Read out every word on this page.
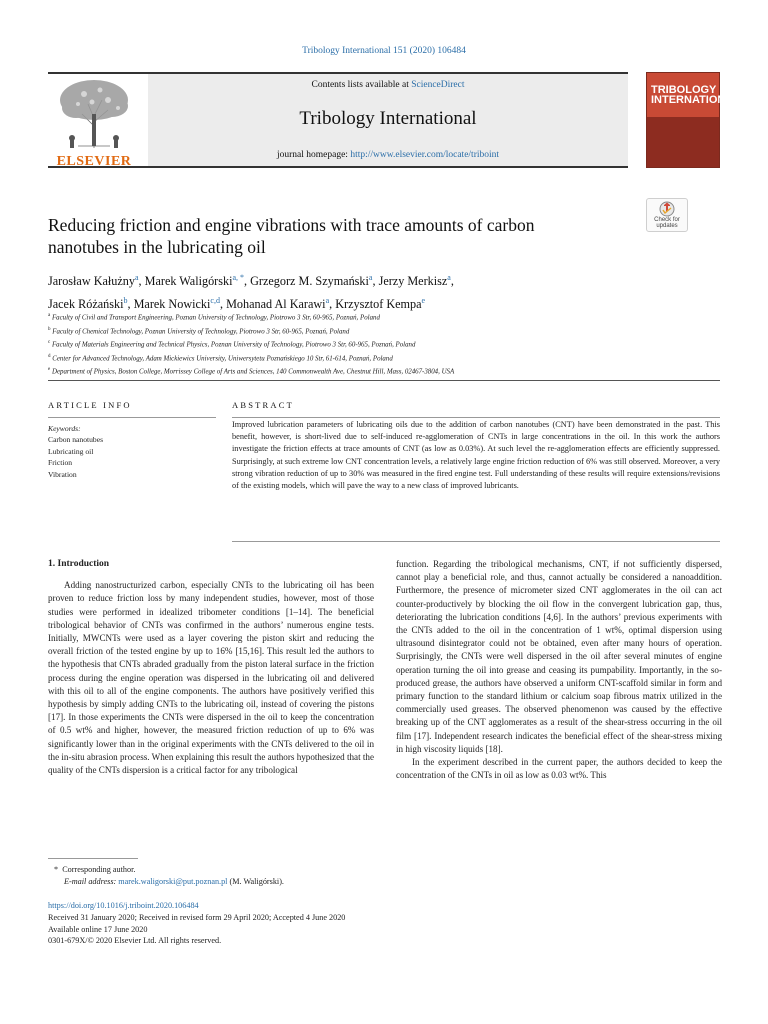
Tribology International 151 (2020) 106484
ELSEVIER
Contents lists available at ScienceDirect
Tribology International
journal homepage: http://www.elsevier.com/locate/triboint
TRIBOLOGY INTERNATIONAL
Reducing friction and engine vibrations with trace amounts of carbon
nanotubes in the lubricating oil
Check for
updates
Jarosław Kałużny$^a$, Marek Waligórski$^{a, *}$, Grzegorz M. Szymański$^a$, Jerzy Merkisz$^a$,
Jacek Różański$^b$, Marek Nowicki$^{c,d}$, Mohanad Al Karawi$^a$, Krzysztof Kempa$^e$
$^a$ Faculty of Civil and Transport Engineering, Poznan University of Technology, Piotrowo 3 Str, 60-965, Poznań, Poland
$^b$ Faculty of Chemical Technology, Poznan University of Technology, Piotrowo 3 Str, 60-965, Poznań, Poland
$^c$ Faculty of Materials Engineering and Technical Physics, Poznan University of Technology, Piotrowo 3 Str, 60-965, Poznań, Poland
$^d$ Center for Advanced Technology, Adam Mickiewics University, Uniwersytetu Poznańskiego 10 Str, 61-614, Poznań, Poland
$^e$ Department of Physics, Boston College, Morrissey College of Arts and Sciences, 140 Commonwealth Ave, Chestnut Hill, Mass, 02467-3804, USA
ARTICLE INFO	ABSTRACT
Keywords:
Carbon nanotubes
Lubricating oil
Friction
Vibration
Improved lubrication parameters of lubricating oils due to the addition of carbon nanotubes (CNT) have been demonstrated in the past. This benefit, however, is short-lived due to self-induced re-agglomeration of CNTs in large concentrations in the oil. In this work the authors investigate the friction effects at trace amounts of CNT (as low as 0.03%). At such level the re-agglomeration effects are efficiently suppressed. Surprisingly, at such extreme low CNT concentration levels, a relatively large engine friction reduction of 6% was still observed. Moreover, a very strong vibration reduction of up to 30% was measured in the fired engine test. Full understanding of these results will require extensions/revisions of the existing models, which will pave the way to a new class of improved lubricants.
1. Introduction

Adding nanostructurized carbon, especially CNTs to the lubricating oil has been proven to reduce friction loss by many independent studies, however, most of those studies were performed in idealized tribometer conditions [1–14]. The beneficial tribological behavior of CNTs was confirmed in the authors’ numerous engine tests. Initially, MWCNTs were used as a layer covering the piston skirt and reducing the overall friction of the tested engine by up to 16% [15,16]. This result led the authors to the hypothesis that CNTs abraded gradually from the piston lateral surface in the friction process during the engine operation was dispersed in the lubricating oil and delivered with this oil to all of the engine components. The authors have positively verified this hypothesis by simply adding CNTs to the lubricating oil, instead of covering the pistons [17]. In those experiments the CNTs were dispersed in the oil to keep the concentration of 0.5 wt% and higher, however, the measured friction reduction of up to 6% was significantly lower than in the original experiments with the CNTs delivered to the oil in the in-situ abrasion process. When explaining this result the authors hypothesized that the quality of the CNTs dispersion is a critical factor for any tribological

function. Regarding the tribological mechanisms, CNT, if not sufficiently dispersed, cannot play a beneficial role, and thus, cannot actually be considered a nanoaddition. Furthermore, the presence of micrometer sized CNT agglomerates in the oil can act counter-productively by blocking the oil flow in the convergent lubrication gap, thus, deteriorating the lubrication conditions [4,6]. In the authors’ previous experiments with the CNTs added to the oil in the concentration of 1 wt%, optimal dispersion using ultrasound disintegrator could not be obtained, even after many hours of operation. Surprisingly, the CNTs were well dispersed in the oil after several minutes of engine operation turning the oil into grease and ceasing its pumpability. Importantly, in the so-produced grease, the authors have observed a uniform CNT-scaffold similar in form and primary function to the standard lithium or calcium soap fibrous matrix utilized in the commercially used greases. The observed phenomenon was caused by the effective breaking up of the CNT agglomerates as a result of the shear-stress occurring in the oil film [17]. Independent research indicates the beneficial effect of the shear-stress mixing in high viscosity liquids [18].

In the experiment described in the current paper, the authors decided to keep the concentration of the CNTs in oil as low as 0.03 wt%. This

* Corresponding author.
E-mail address: marek.waligorski@put.poznan.pl (M. Waligórski).
https://doi.org/10.1016/j.triboint.2020.106484
Received 31 January 2020; Received in revised form 29 April 2020; Accepted 4 June 2020
Available online 17 June 2020
0301-679X/© 2020 Elsevier Ltd. All rights reserved.
